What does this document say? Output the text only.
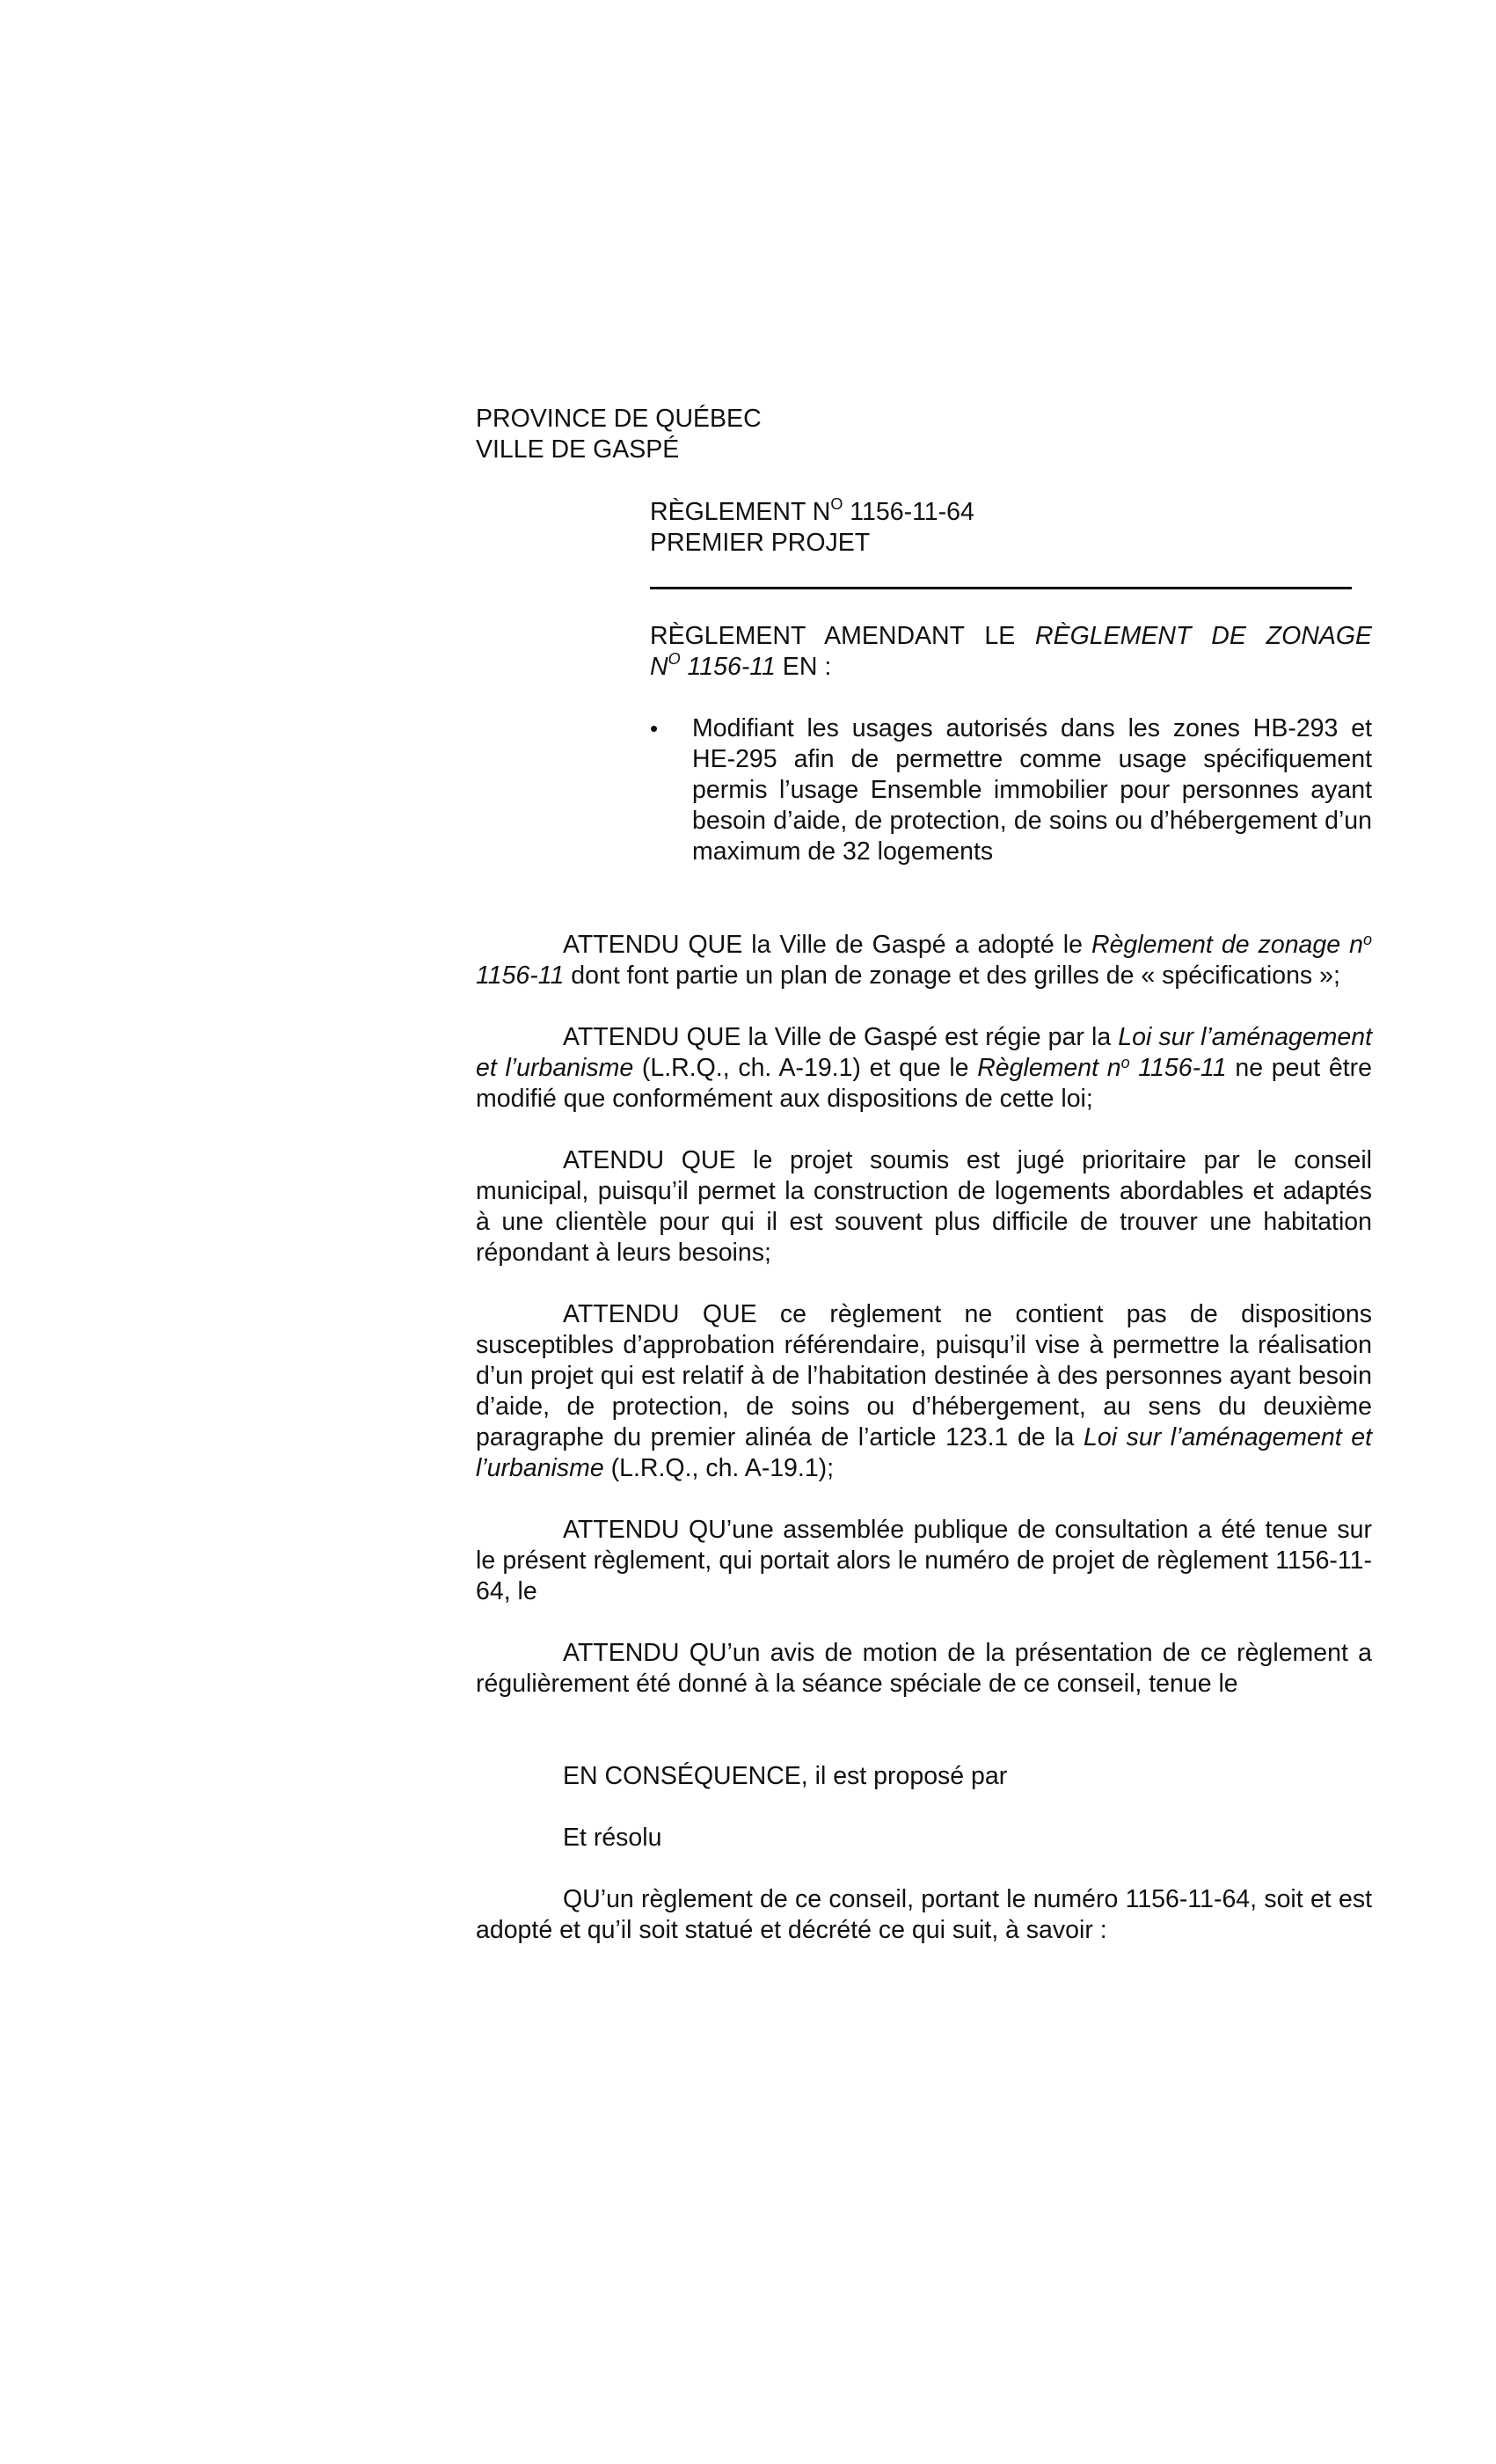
PROVINCE DE QUÉBEC
VILLE DE GASPÉ
RÈGLEMENT $N^O$ 1156-11-64
PREMIER PROJET
RÈGLEMENT AMENDANT LE RÈGLEMENT DE ZONAGE
$N^O$ 1156-11 EN :
•	Modifiant les usages autorisés dans les zones HB-293 et HE-295 afin de permettre comme usage spécifiquement permis l’usage Ensemble immobilier pour personnes ayant besoin d’aide, de protection, de soins ou d’hébergement d’un maximum de 32 logements

ATTENDU QUE la Ville de Gaspé a adopté le Règlement de zonage $n^o$ 1156-11 dont font partie un plan de zonage et des grilles de « spécifications »;

ATTENDU QUE la Ville de Gaspé est régie par la Loi sur l’aménagement et l’urbanisme (L.R.Q., ch. A-19.1) et que le Règlement $n^o$ 1156-11 ne peut être modifié que conformément aux dispositions de cette loi;

ATENDU QUE le projet soumis est jugé prioritaire par le conseil municipal, puisqu’il permet la construction de logements abordables et adaptés à une clientèle pour qui il est souvent plus difficile de trouver une habitation répondant à leurs besoins;

ATTENDU QUE ce règlement ne contient pas de dispositions susceptibles d’approbation référendaire, puisqu’il vise à permettre la réalisation d’un projet qui est relatif à de l’habitation destinée à des personnes ayant besoin d’aide, de protection, de soins ou d’hébergement, au sens du deuxième paragraphe du premier alinéa de l’article 123.1 de la Loi sur l’aménagement et l’urbanisme (L.R.Q., ch. A-19.1);

ATTENDU QU’une assemblée publique de consultation a été tenue sur le présent règlement, qui portait alors le numéro de projet de règlement 1156-11-64, le

ATTENDU QU’un avis de motion de la présentation de ce règlement a régulièrement été donné à la séance spéciale de ce conseil, tenue le

EN CONSÉQUENCE, il est proposé par

Et résolu

QU’un règlement de ce conseil, portant le numéro 1156-11-64, soit et est adopté et qu’il soit statué et décrété ce qui suit, à savoir :
